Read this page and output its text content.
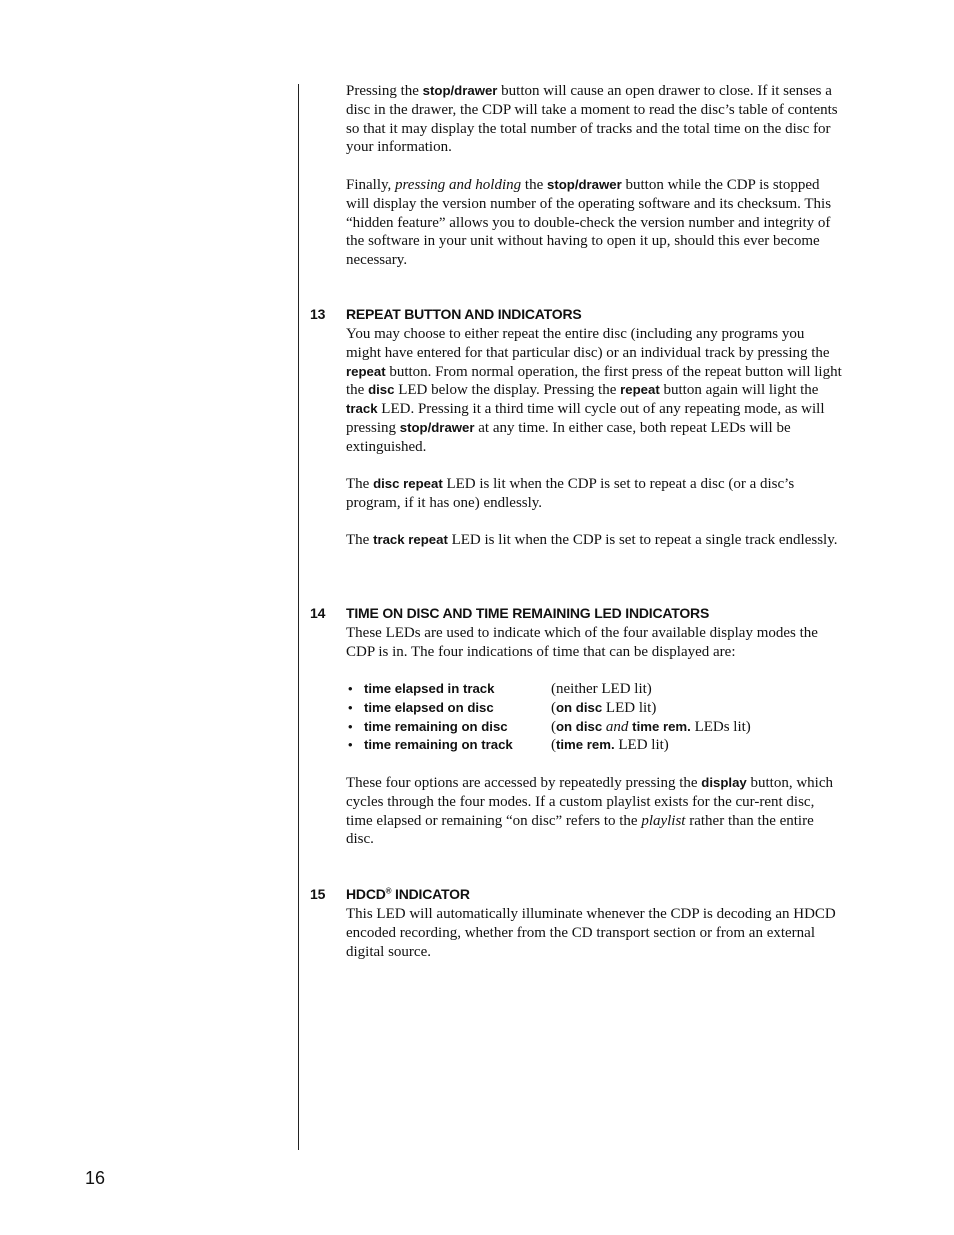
Pressing the stop/drawer button will cause an open drawer to close. If it senses a disc in the drawer, the CDP will take a moment to read the disc’s table of contents so that it may display the total number of tracks and the total time on the disc for your information.

Finally, pressing and holding the stop/drawer button while the CDP is stopped will display the version number of the operating software and its checksum. This “hidden feature” allows you to double-check the version number and integrity of the software in your unit without having to open it up, should this ever become necessary.

13 REPEAT BUTTON AND INDICATORS

You may choose to either repeat the entire disc (including any programs you might have entered for that particular disc) or an individual track by pressing the repeat button. From normal operation, the first press of the repeat button will light the disc LED below the display. Pressing the repeat button again will light the track LED. Pressing it a third time will cycle out of any repeating mode, as will pressing stop/drawer at any time. In either case, both repeat LEDs will be extinguished.

The disc repeat LED is lit when the CDP is set to repeat a disc (or a disc’s program, if it has one) endlessly.

The track repeat LED is lit when the CDP is set to repeat a single track endlessly.

14 TIME ON DISC AND TIME REMAINING LED INDICATORS

These LEDs are used to indicate which of the four available display modes the CDP is in. The four indications of time that can be displayed are:

• time elapsed in track	(neither LED lit)
• time elapsed on disc	(on disc LED lit)
• time remaining on disc	(on disc and time rem. LEDs lit)
• time remaining on track	(time rem. LED lit)

These four options are accessed by repeatedly pressing the display button, which cycles through the four modes. If a custom playlist exists for the cur-rent disc, time elapsed or remaining “on disc” refers to the playlist rather than the entire disc.

15 HDCD® INDICATOR

This LED will automatically illuminate whenever the CDP is decoding an HDCD encoded recording, whether from the CD transport section or from an external digital source.

16
